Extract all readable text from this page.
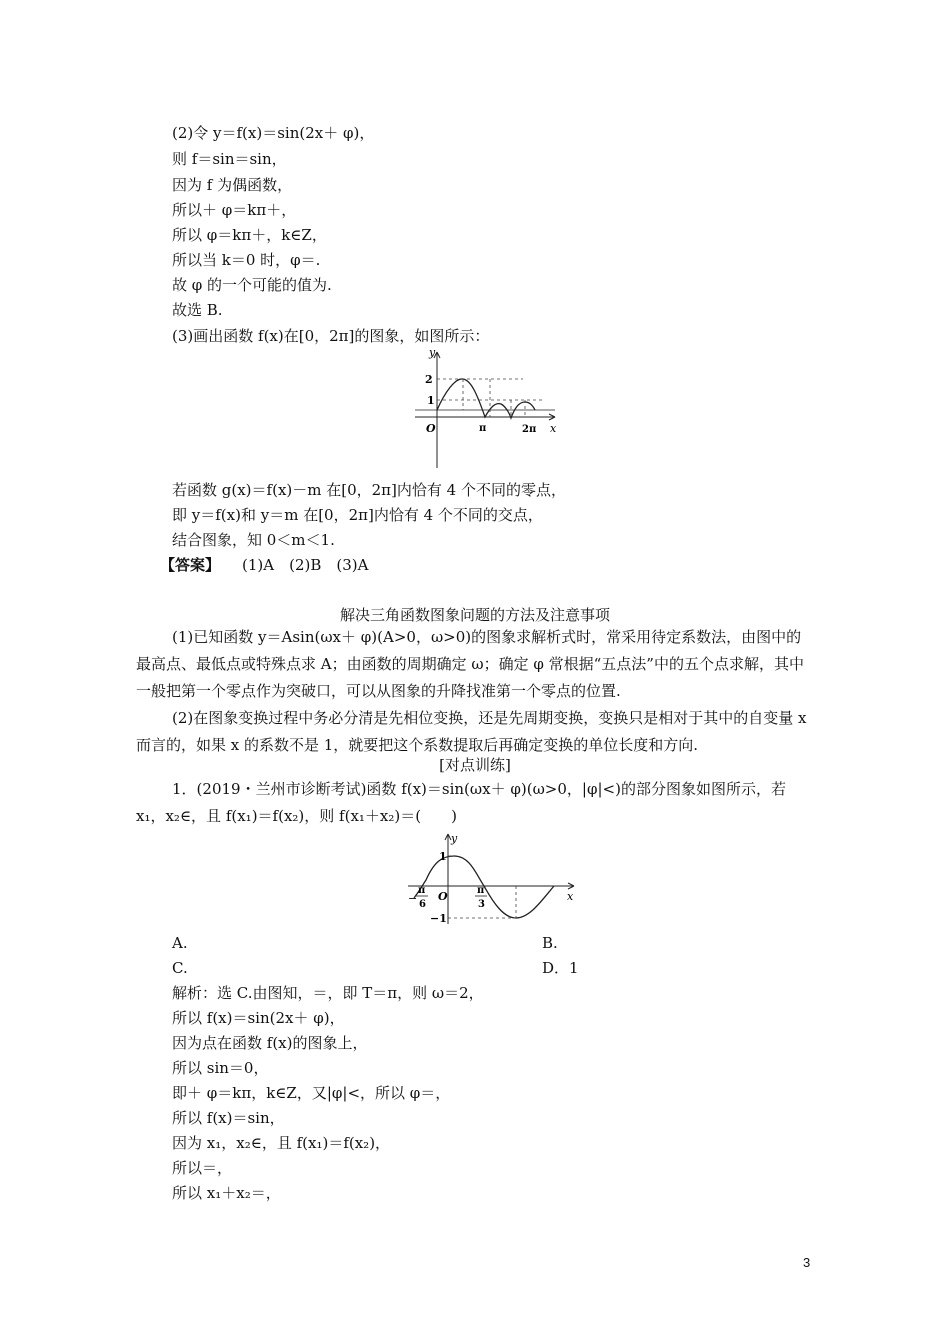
(2)令 y＝f(x)＝sin(2x＋ φ)，
则 f＝sin＝sin，
因为 f 为偶函数，
所以＋ φ＝kπ＋，
所以 φ＝kπ＋，k∈Z，
所以当 k＝0 时，φ＝.
故 φ 的一个可能的值为.
故选 B.
(3)画出函数 f(x)在[0，2π]的图象，如图所示：
y
x
O
2
1
π	2π
若函数 g(x)＝f(x)－m 在[0，2π]内恰有 4 个不同的零点，
即 y＝f(x)和 y＝m 在[0，2π]内恰有 4 个不同的交点，
结合图象，知 0＜m＜1.
【答案】 (1)A　(2)B　(3)A
解决三角函数图象问题的方法及注意事项
(1)已知函数 y＝Asin(ωx＋ φ)(A>0，ω>0)的图象求解析式时，常采用待定系数法，由图中的最高点、最低点或特殊点求 A；由函数的周期确定 ω；确定 φ 常根据“五点法”中的五个点求解，其中一般把第一个零点作为突破口，可以从图象的升降找准第一个零点的位置.
(2)在图象变换过程中务必分清是先相位变换，还是先周期变换，变换只是相对于其中的自变量 x 而言的，如果 x 的系数不是 1，就要把这个系数提取后再确定变换的单位长度和方向.
[对点训练]
1．(2019・兰州市诊断考试)函数 f(x)＝sin(ωx＋ φ)(ω>0，|φ|<)的部分图象如图所示，若 x₁，x₂∈，且 f(x₁)＝f(x₂)，则 f(x₁＋x₂)＝(　　)
y
x
O
1
−1
−
π
6
π
3
A.	B.
C.	D．1
解析：选 C.由图知，＝，即 T＝π，则 ω＝2，
所以 f(x)＝sin(2x＋ φ)，
因为点在函数 f(x)的图象上，
所以 sin＝0，
即＋ φ＝kπ，k∈Z，又|φ|<，所以 φ＝，
所以 f(x)＝sin，
因为 x₁，x₂∈，且 f(x₁)＝f(x₂)，
所以＝，
所以 x₁＋x₂＝，
3
